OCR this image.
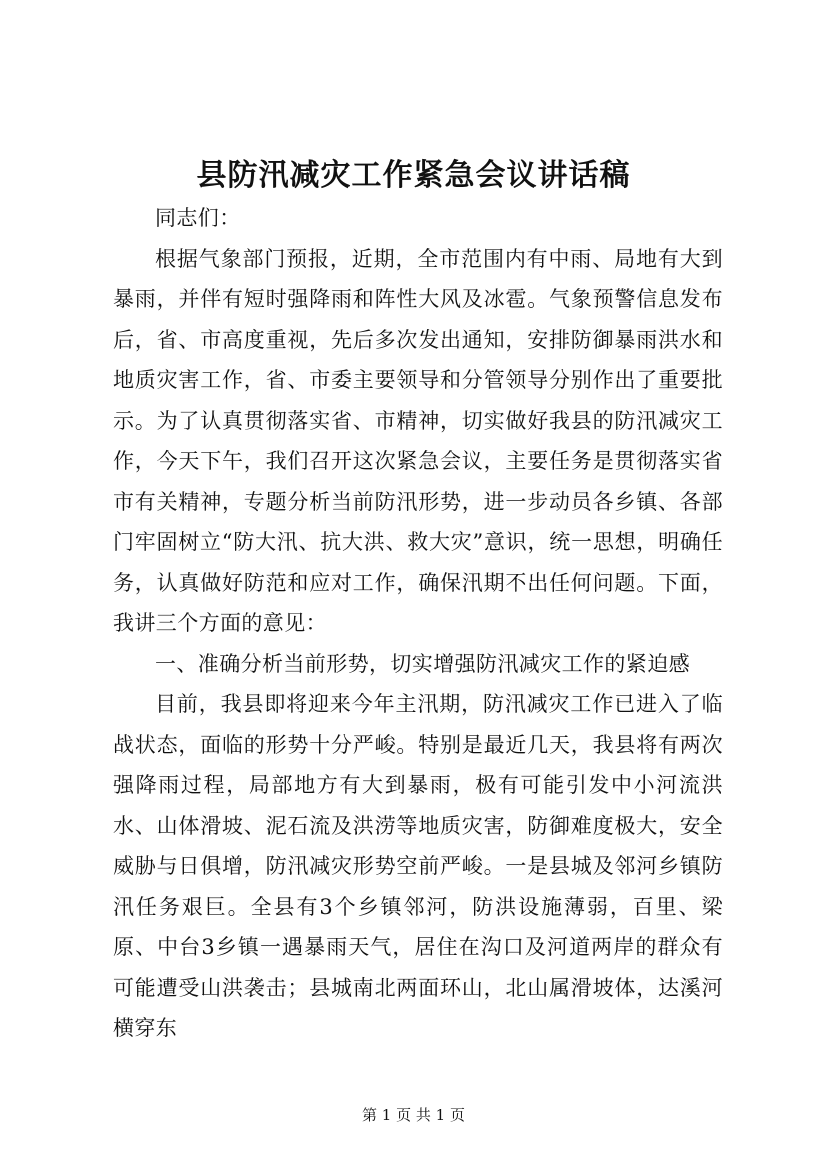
县防汛减灾工作紧急会议讲话稿

同志们：

根据气象部门预报，近期，全市范围内有中雨、局地有大到暴雨，并伴有短时强降雨和阵性大风及冰雹。气象预警信息发布后，省、市高度重视，先后多次发出通知，安排防御暴雨洪水和地质灾害工作，省、市委主要领导和分管领导分别作出了重要批示。为了认真贯彻落实省、市精神，切实做好我县的防汛减灾工作，今天下午，我们召开这次紧急会议，主要任务是贯彻落实省市有关精神，专题分析当前防汛形势，进一步动员各乡镇、各部门牢固树立“防大汛、抗大洪、救大灾”意识，统一思想，明确任务，认真做好防范和应对工作，确保汛期不出任何问题。下面，我讲三个方面的意见：

一、准确分析当前形势，切实增强防汛减灾工作的紧迫感

目前，我县即将迎来今年主汛期，防汛减灾工作已进入了临战状态，面临的形势十分严峻。特别是最近几天，我县将有两次强降雨过程，局部地方有大到暴雨，极有可能引发中小河流洪水、山体滑坡、泥石流及洪涝等地质灾害，防御难度极大，安全威胁与日俱增，防汛减灾形势空前严峻。一是县城及邻河乡镇防汛任务艰巨。全县有3个乡镇邻河，防洪设施薄弱，百里、梁原、中台3乡镇一遇暴雨天气，居住在沟口及河道两岸的群众有可能遭受山洪袭击；县城南北两面环山，北山属滑坡体，达溪河横穿东

第 1 页 共 1 页
